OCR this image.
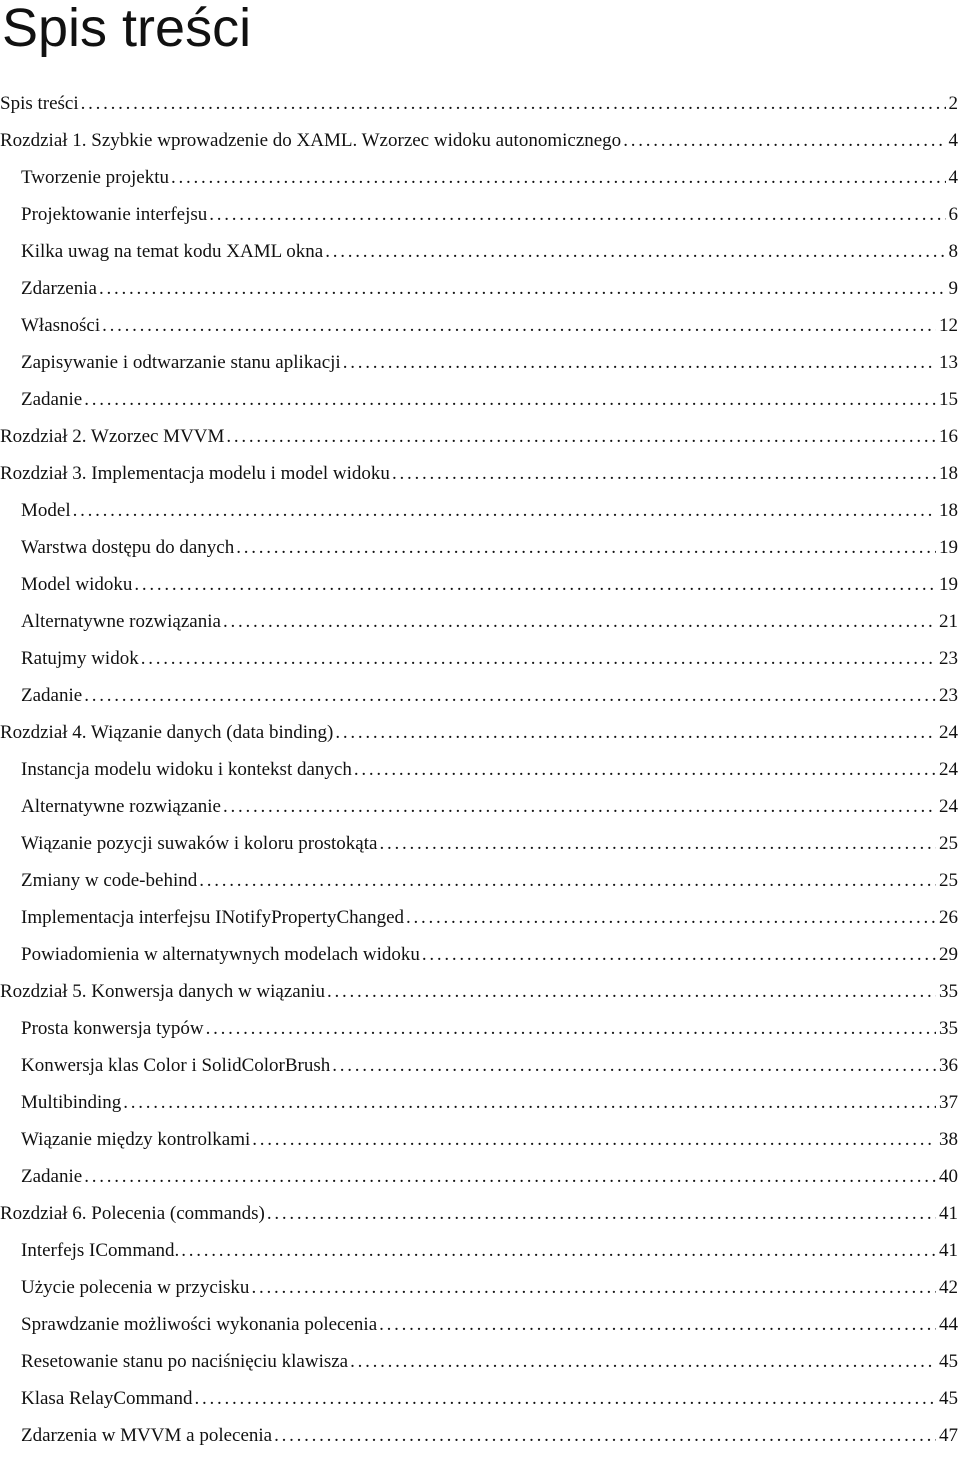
Spis treści
Spis treści . . .	2
Rozdział 1. Szybkie wprowadzenie do XAML. Wzorzec widoku autonomicznego . . .	4
Tworzenie projektu . . .	4
Projektowanie interfejsu . . .	6
Kilka uwag na temat kodu XAML okna . . .	8
Zdarzenia . . .	9
Własności . . .	12
Zapisywanie i odtwarzanie stanu aplikacji . . .	13
Zadanie . . .	15
Rozdział 2. Wzorzec MVVM . . .	16
Rozdział 3. Implementacja modelu i model widoku . . .	18
Model . . .	18
Warstwa dostępu do danych . . .	19
Model widoku . . .	19
Alternatywne rozwiązania . . .	21
Ratujmy widok . . .	23
Zadanie . . .	23
Rozdział 4. Wiązanie danych (data binding) . . .	24
Instancja modelu widoku i kontekst danych . . .	24
Alternatywne rozwiązanie . . .	24
Wiązanie pozycji suwaków i koloru prostokąta . . .	25
Zmiany w code-behind . . .	25
Implementacja interfejsu INotifyPropertyChanged . . .	26
Powiadomienia w alternatywnych modelach widoku . . .	29
Rozdział 5. Konwersja danych w wiązaniu . . .	35
Prosta konwersja typów . . .	35
Konwersja klas Color i SolidColorBrush . . .	36
Multibinding . . .	37
Wiązanie między kontrolkami . . .	38
Zadanie . . .	40
Rozdział 6. Polecenia (commands) . . .	41
Interfejs ICommand. . . .	41
Użycie polecenia w przycisku . . .	42
Sprawdzanie możliwości wykonania polecenia . . .	44
Resetowanie stanu po naciśnięciu klawisza . . .	45
Klasa RelayCommand . . .	45
Zdarzenia w MVVM a polecenia . . .	47
